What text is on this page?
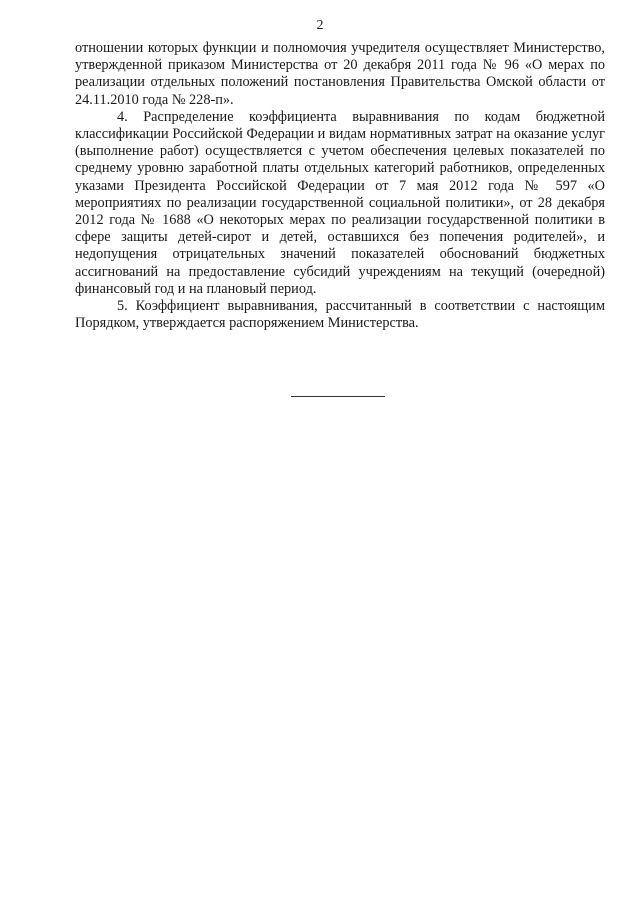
2

отношении которых функции и полномочия учредителя осуществляет Министерство, утвержденной приказом Министерства от 20 декабря 2011 года № 96 «О мерах по реализации отдельных положений постановления Правительства Омской области от 24.11.2010 года № 228-п».

4. Распределение коэффициента выравнивания по кодам бюджетной классификации Российской Федерации и видам нормативных затрат на оказание услуг (выполнение работ) осуществляется с учетом обеспечения целевых показателей по среднему уровню заработной платы отдельных категорий работников, определенных указами Президента Российской Федерации от 7 мая 2012 года № 597 «О мероприятиях по реализации государственной социальной политики», от 28 декабря 2012 года № 1688 «О некоторых мерах по реализации государственной политики в сфере защиты детей-сирот и детей, оставшихся без попечения родителей», и недопущения отрицательных значений показателей обоснований бюджетных ассигнований на предоставление субсидий учреждениям на текущий (очередной) финансовый год и на плановый период.

5. Коэффициент выравнивания, рассчитанный в соответствии с настоящим Порядком, утверждается распоряжением Министерства.
